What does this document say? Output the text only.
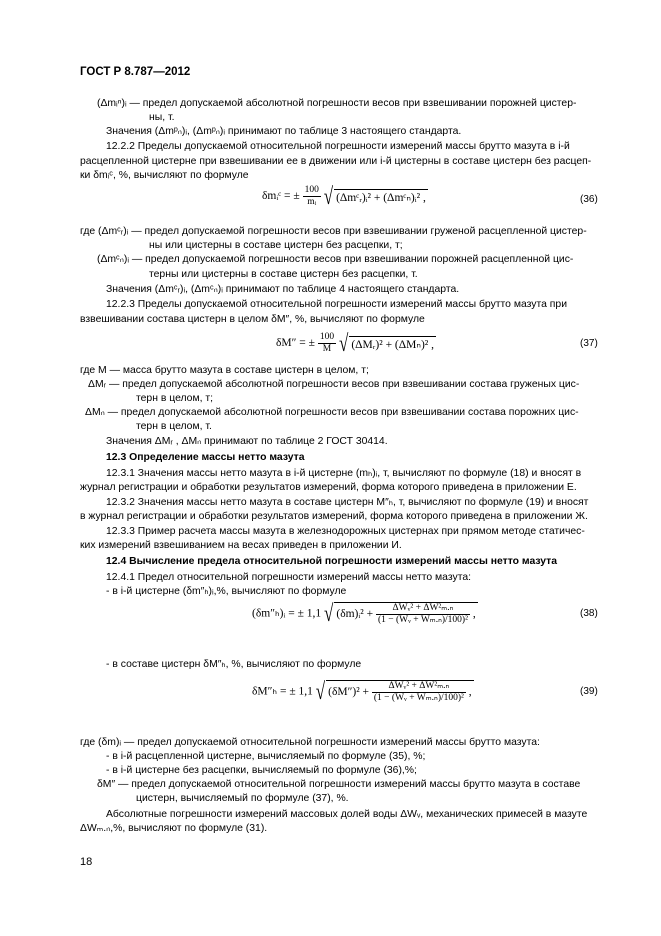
ГОСТ Р 8.787—2012
(Δmᵢⁿ)ᵢ — предел допускаемой абсолютной погрешности весов при взвешивании порожней цистер-
ны, т.
Значения (Δmᵖₙ)ᵢ, (Δmᵖₙ)ᵢ принимают по таблице 3 настоящего стандарта.
12.2.2 Пределы допускаемой относительной погрешности измерений массы брутто мазута в i-й
расцепленной цистерне при взвешивании ее в движении или i-й цистерны в составе цистерн без расцеп-
ки δmᵢᶜ, %, вычисляют по формуле
δmᵢᶜ = ± $\frac{100}{\text{mᵢ}}$ √ (Δmᶜᵣ)ᵢ² + (Δmᶜₙ)ᵢ² ,	(36)
где (Δmᶜᵣ)ᵢ — предел допускаемой погрешности весов при взвешивании груженой расцепленной цистер-
ны или цистерны в составе цистерн без расцепки, т;
(Δmᶜₙ)ᵢ — предел допускаемой погрешности весов при взвешивании порожней расцепленной цис-
терны или цистерны в составе цистерн без расцепки, т.
Значения (Δmᶜᵣ)ᵢ, (Δmᶜₙ)ᵢ принимают по таблице 4 настоящего стандарта.
12.2.3 Пределы допускаемой относительной погрешности измерений массы брутто мазута при
взвешивании состава цистерн в целом δM″, %, вычисляют по формуле
δM″ = ± $\frac{100}{M}$ √ (ΔMᵣ)² + (ΔMₙ)² ,	(37)
где M — масса брутто мазута в составе цистерн в целом, т;
ΔMᵣ — предел допускаемой абсолютной погрешности весов при взвешивании состава груженых цис-
терн в целом, т;
ΔMₙ — предел допускаемой абсолютной погрешности весов при взвешивании состава порожних цис-
терн в целом, т.
Значения ΔMᵣ , ΔMₙ принимают по таблице 2 ГОСТ 30414.
12.3 Определение массы нетто мазута
12.3.1 Значения массы нетто мазута в i-й цистерне (mₕ)ᵢ, т, вычисляют по формуле (18) и вносят в
журнал регистрации и обработки результатов измерений, форма которого приведена в приложении Е.
12.3.2 Значения массы нетто мазута в составе цистерн M″ₕ, т, вычисляют по формуле (19) и вносят
в журнал регистрации и обработки результатов измерений, форма которого приведена в приложении Ж.
12.3.3 Пример расчета массы мазута в железнодорожных цистернах при прямом методе статичес-
ких измерений взвешиванием на весах приведен в приложении И.
12.4 Вычисление предела относительной погрешности измерений массы нетто мазута
12.4.1 Предел относительной погрешности измерений массы нетто мазута:
- в i-й цистерне (δm″ₕ)ᵢ,%, вычисляют по формуле
(δm″ₕ)ᵢ = ± 1,1 √ (δm)ᵢ² + $\frac{\text{ΔWᵥ² + ΔW²ₘ.ₙ}}{\text{(1 − (Wᵥ + Wₘ.ₙ)/100)²}}$ ,	(38)
- в составе цистерн δM″ₕ, %, вычисляют по формуле
δM″ₕ = ± 1,1 √ $(\delta M'')^2 + \frac{\text{ΔWᵥ² + ΔW²ₘ.ₙ}}{\text{(1 − (Wᵥ + Wₘ.ₙ)/100)²}}$ ,	(39)
где (δm)ᵢ — предел допускаемой относительной погрешности измерений массы брутто мазута:
- в i-й расцепленной цистерне, вычисляемый по формуле (35), %;
- в i-й цистерне без расцепки, вычисляемый по формуле (36),%;
δM″ — предел допускаемой относительной погрешности измерений массы брутто мазута в составе
цистерн, вычисляемый по формуле (37), %.
Абсолютные погрешности измерений массовых долей воды ΔWᵥ, механических примесей в мазуте
ΔWₘ.ₙ,%, вычисляют по формуле (31).
18
